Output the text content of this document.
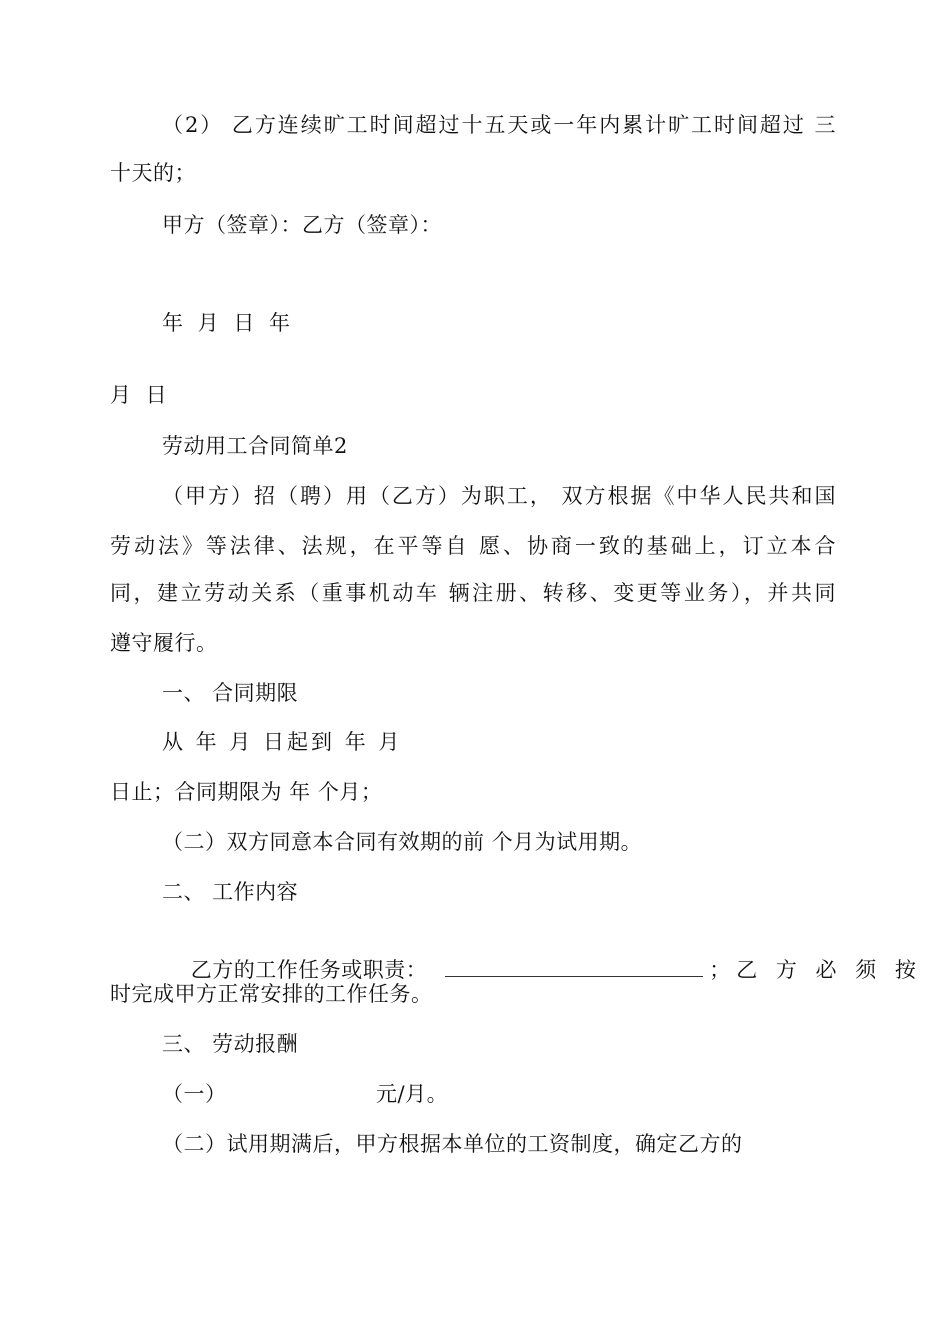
（2） 乙方连续旷工时间超过十五天或一年内累计旷工时间超过 三
十天的；
甲方（签章）：乙方（签章）：
年 月 日 年
月 日
劳动用工合同简单2
（甲方）招（聘）用（乙方）为职工， 双方根据《中华人民共和国
劳动法》等法律、法规，在平等自 愿、协商一致的基础上，订立本合
同，建立劳动关系（重事机动车 辆注册、转移、变更等业务），并共同
遵守履行。
一、 合同期限
从 年 月 日起到 年 月
日止；合同期限为 年 个月；
（二）双方同意本合同有效期的前 个月为试用期。
二、 工作内容

乙方的工作任务或职责：	；乙 方 必 须 按

时完成甲方正常安排的工作任务。
三、 劳动报酬
（一）	元/月。
（二）试用期满后，甲方根据本单位的工资制度，确定乙方的
